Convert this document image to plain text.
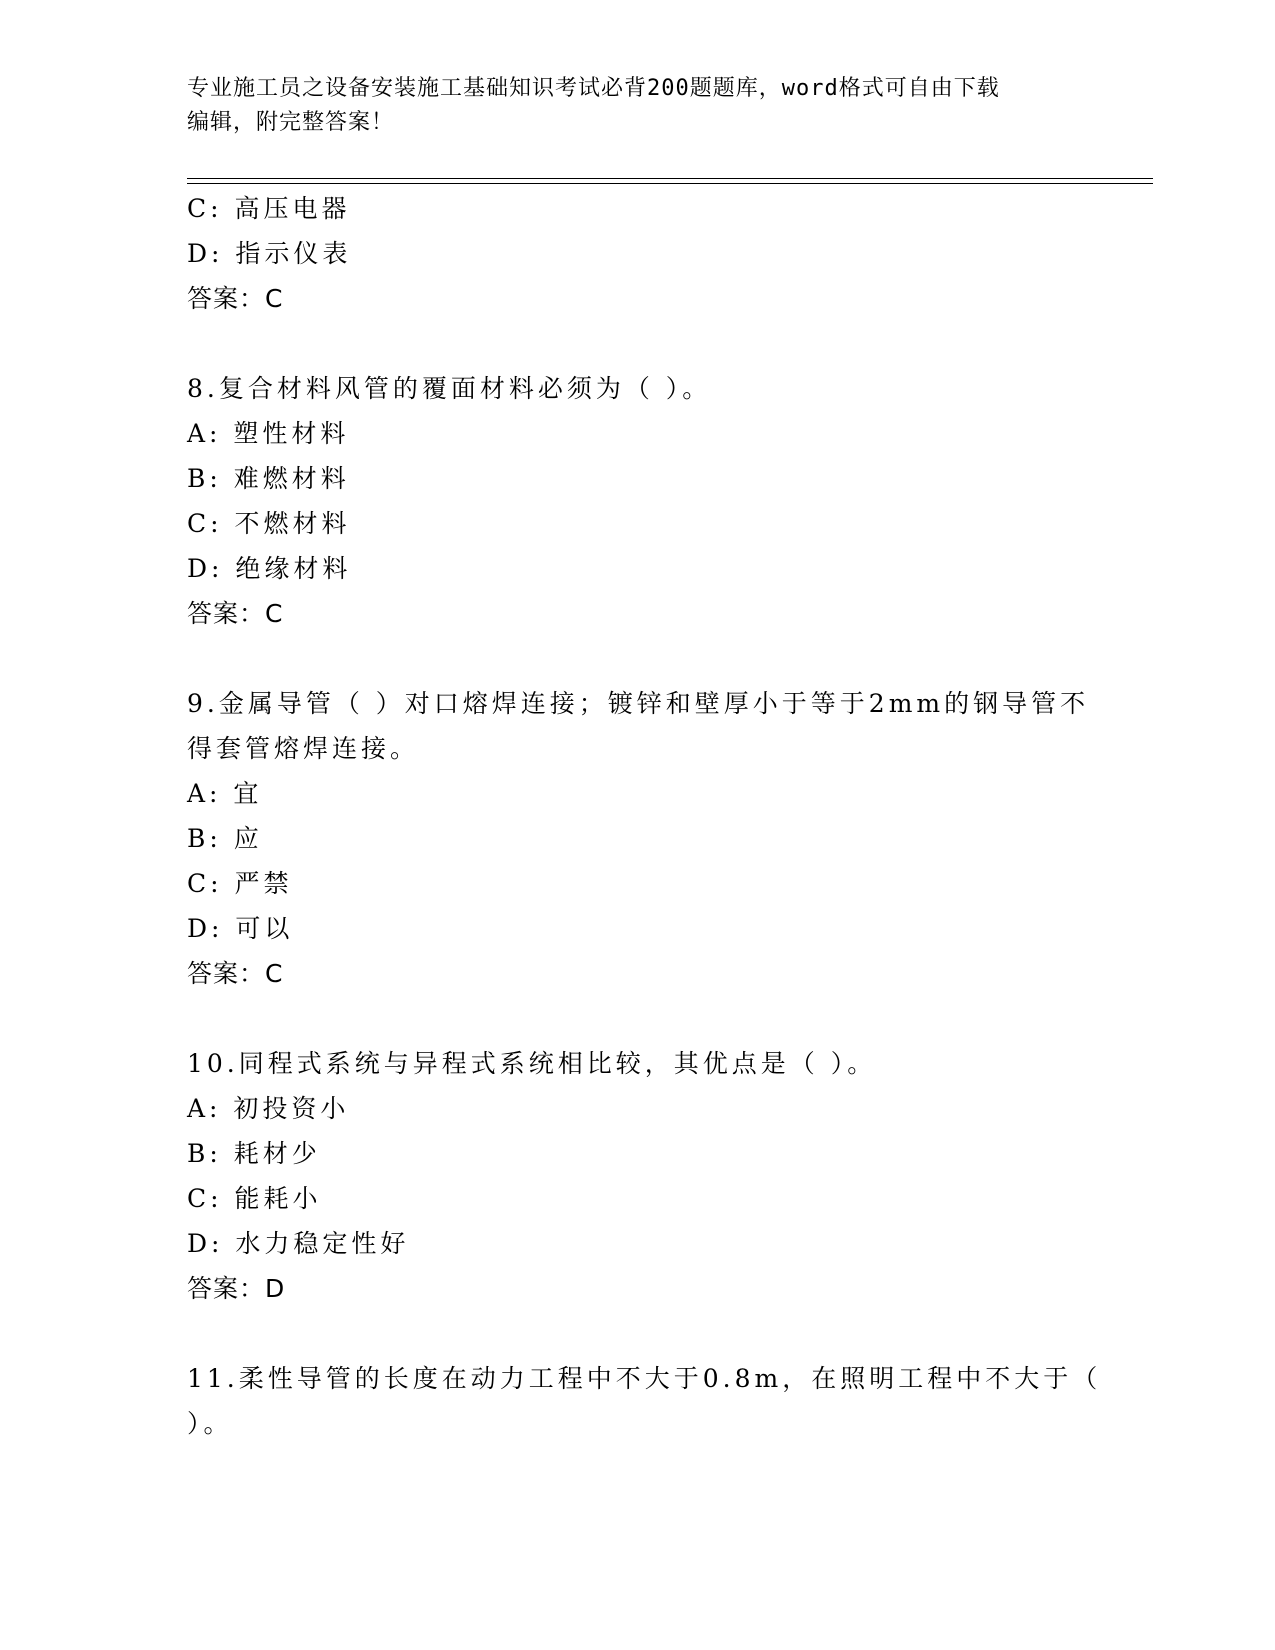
专业施工员之设备安装施工基础知识考试必背200题题库，word格式可自由下载
编辑，附完整答案！
C: 高压电器
D: 指示仪表
答案：C
8.复合材料风管的覆面材料必须为（ ）。
A: 塑性材料
B: 难燃材料
C: 不燃材料
D: 绝缘材料
答案：C
9.金属导管（ ）对口熔焊连接；镀锌和壁厚小于等于2mm的钢导管不
得套管熔焊连接。
A: 宜
B: 应
C: 严禁
D: 可以
答案：C
10.同程式系统与异程式系统相比较，其优点是（ ）。
A: 初投资小
B: 耗材少
C: 能耗小
D: 水力稳定性好
答案：D
11.柔性导管的长度在动力工程中不大于0.8m，在照明工程中不大于（
）。
